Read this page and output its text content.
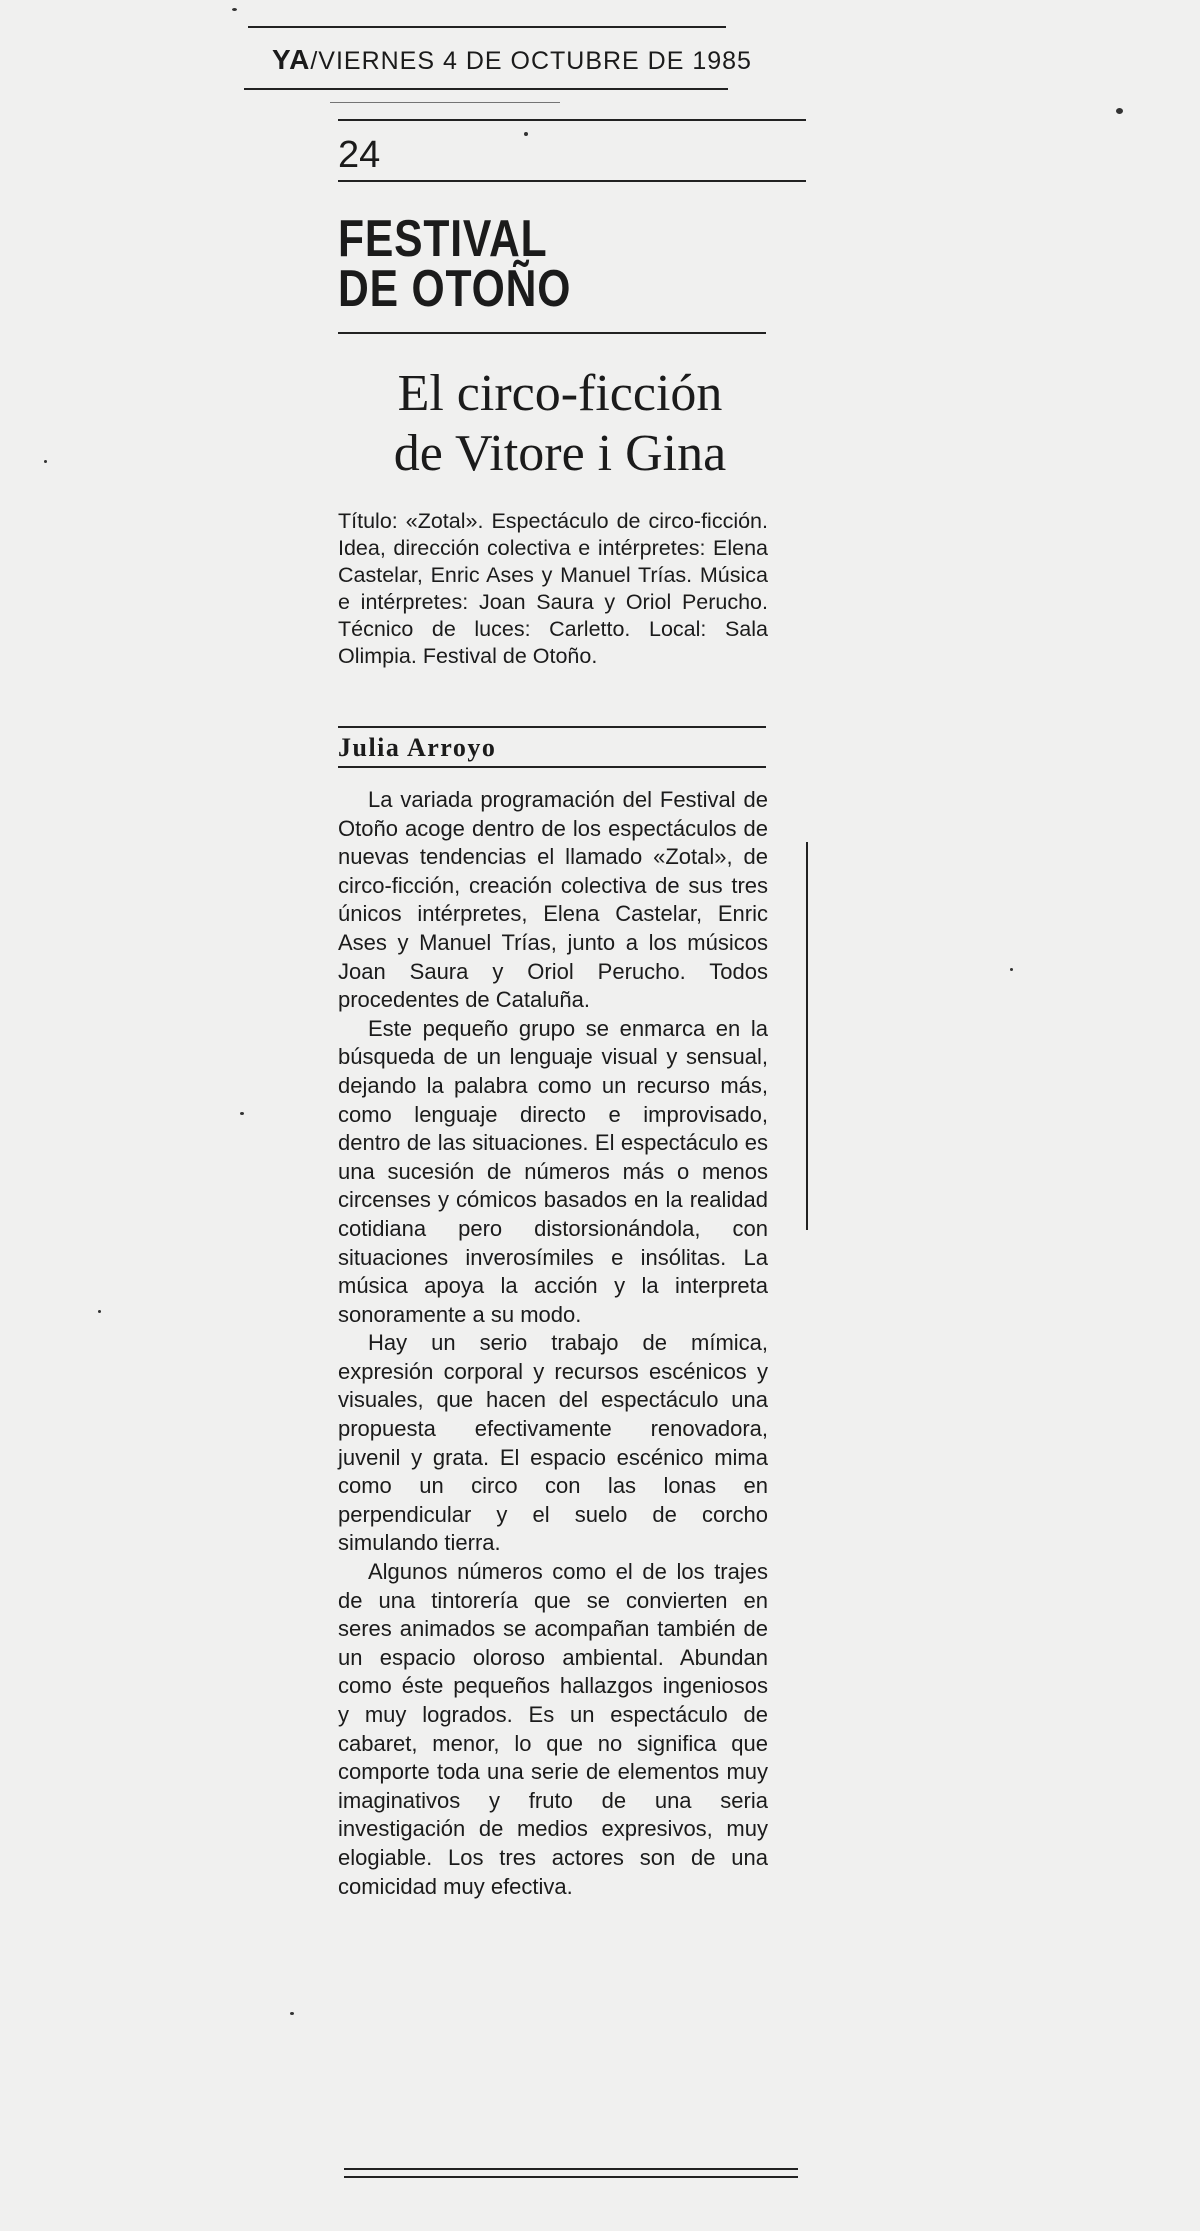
YA/VIERNES 4 DE OCTUBRE DE 1985
24
FESTIVAL
DE OTOÑO
El circo-ficción
de Vitore i Gina
Título: «Zotal». Espectáculo de circo-ficción. Idea, dirección colectiva e intérpretes: Elena Castelar, Enric Ases y Manuel Trías. Música e intérpretes: Joan Saura y Oriol Perucho. Técnico de luces: Carletto. Local: Sala Olimpia. Festival de Otoño.
Julia Arroyo

La variada programación del Festival de Otoño acoge dentro de los espectáculos de nuevas tendencias el llamado «Zotal», de circo-ficción, creación colectiva de sus tres únicos intérpretes, Elena Castelar, Enric Ases y Manuel Trías, junto a los músicos Joan Saura y Oriol Perucho. Todos procedentes de Cataluña.

Este pequeño grupo se enmarca en la búsqueda de un lenguaje visual y sensual, dejando la palabra como un recurso más, como lenguaje directo e improvisado, dentro de las situaciones. El espectáculo es una sucesión de números más o menos circenses y cómicos basados en la realidad cotidiana pero distorsionándola, con situaciones inverosímiles e insólitas. La música apoya la acción y la interpreta sonoramente a su modo.

Hay un serio trabajo de mímica, expresión corporal y recursos escénicos y visuales, que hacen del espectáculo una propuesta efectivamente renovadora, juvenil y grata. El espacio escénico mima como un circo con las lonas en perpendicular y el suelo de corcho simulando tierra.

Algunos números como el de los trajes de una tintorería que se convierten en seres animados se acompañan también de un espacio oloroso ambiental. Abundan como éste pequeños hallazgos ingeniosos y muy logrados. Es un espectáculo de cabaret, menor, lo que no significa que comporte toda una serie de elementos muy imaginativos y fruto de una seria investigación de medios expresivos, muy elogiable. Los tres actores son de una comicidad muy efectiva.
